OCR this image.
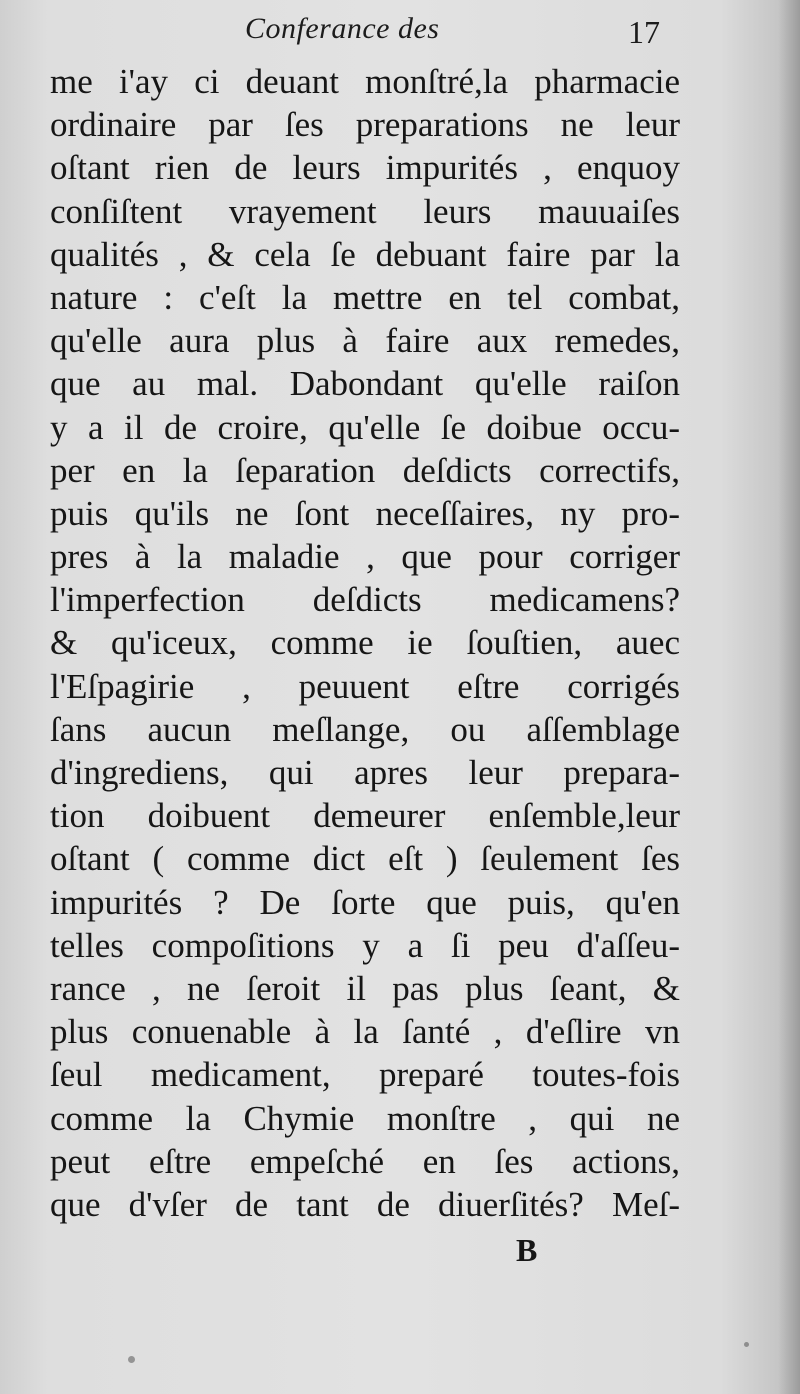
Conferance des	17
me i'ay ci deuant monſtré,la pharmacie
ordinaire par ſes preparations ne leur
oſtant rien de leurs impurités , enquoy
conſiſtent vrayement leurs mauuaiſes
qualités , & cela ſe debuant faire par la
nature : c'eſt la mettre en tel combat,
qu'elle aura plus à faire aux remedes,
que au mal. Dabondant qu'elle raiſon
y a il de croire, qu'elle ſe doibue occu-
per en la ſeparation deſdicts correctifs,
puis qu'ils ne ſont neceſſaires, ny pro-
pres à la maladie , que pour corriger
l'imperfection deſdicts medicamens?
& qu'iceux, comme ie ſouſtien, auec
l'Eſpagirie , peuuent eſtre corrigés
ſans aucun meſlange, ou aſſemblage
d'ingrediens, qui apres leur prepara-
tion doibuent demeurer enſemble,leur
oſtant ( comme dict eſt ) ſeulement ſes
impurités ? De ſorte que puis, qu'en
telles compoſitions y a ſi peu d'aſſeu-
rance , ne ſeroit il pas plus ſeant, &
plus conuenable à la ſanté , d'eſlire vn
ſeul medicament, preparé toutes-fois
comme la Chymie monſtre , qui ne
peut eſtre empeſché en ſes actions,
que d'vſer de tant de diuerſités? Meſ-
B
